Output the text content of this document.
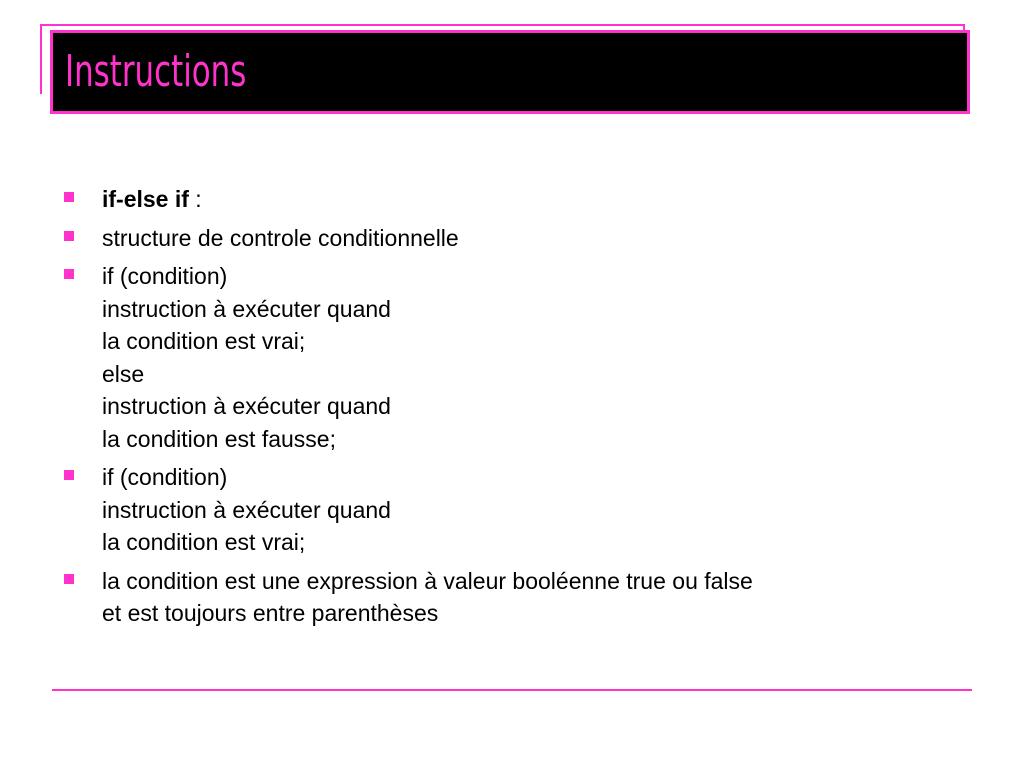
Instructions
if-else if :
structure de controle conditionnelle
if (condition)
instruction à exécuter quand
la condition est vrai;
else
instruction à exécuter quand
la condition est fausse;
if (condition)
instruction à exécuter quand
la condition est vrai;
la condition est une expression à valeur booléenne true ou false
et est toujours entre parenthèses
